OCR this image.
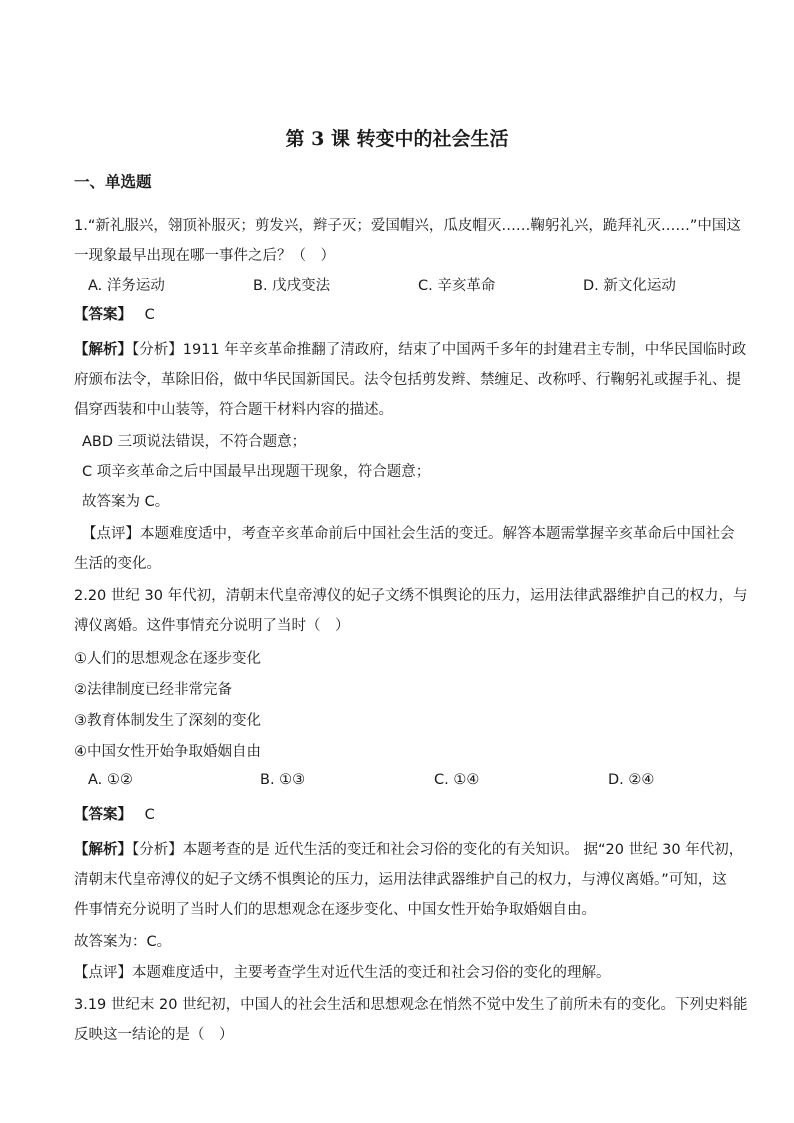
第 3 课 转变中的社会生活
一、单选题
1.“新礼服兴，翎顶补服灭；剪发兴，辫子灭；爱国帽兴，瓜皮帽灭……鞠躬礼兴，跪拜礼灭……”中国这
一现象最早出现在哪一事件之后？（　）
A. 洋务运动	B. 戊戌变法	C. 辛亥革命	D. 新文化运动
【答案】 C
【解析】【分析】1911 年辛亥革命推翻了清政府，结束了中国两千多年的封建君主专制，中华民国临时政
府颁布法令，革除旧俗，做中华民国新国民。法令包括剪发辫、禁缠足、改称呼、行鞠躬礼或握手礼、提
倡穿西装和中山装等，符合题干材料内容的描述。
ABD 三项说法错误，不符合题意；
C 项辛亥革命之后中国最早出现题干现象，符合题意；
故答案为 C。
【点评】本题难度适中，考查辛亥革命前后中国社会生活的变迁。解答本题需掌握辛亥革命后中国社会
生活的变化。
2.20 世纪 30 年代初，清朝末代皇帝溥仪的妃子文绣不惧舆论的压力，运用法律武器维护自己的权力，与
溥仪离婚。这件事情充分说明了当时（　）
①人们的思想观念在逐步变化
②法律制度已经非常完备
③教育体制发生了深刻的变化
④中国女性开始争取婚姻自由
A. ①②	B. ①③	C. ①④	D. ②④
【答案】 C
【解析】【分析】本题考查的是 近代生活的变迁和社会习俗的变化的有关知识。 据“20 世纪 30 年代初，
清朝末代皇帝溥仪的妃子文绣不惧舆论的压力，运用法律武器维护自己的权力，与溥仪离婚。”可知，这
件事情充分说明了当时人们的思想观念在逐步变化、中国女性开始争取婚姻自由。
故答案为：C。
【点评】本题难度适中，主要考查学生对近代生活的变迁和社会习俗的变化的理解。
3.19 世纪末 20 世纪初，中国人的社会生活和思想观念在悄然不觉中发生了前所未有的变化。下列史料能
反映这一结论的是（　）
